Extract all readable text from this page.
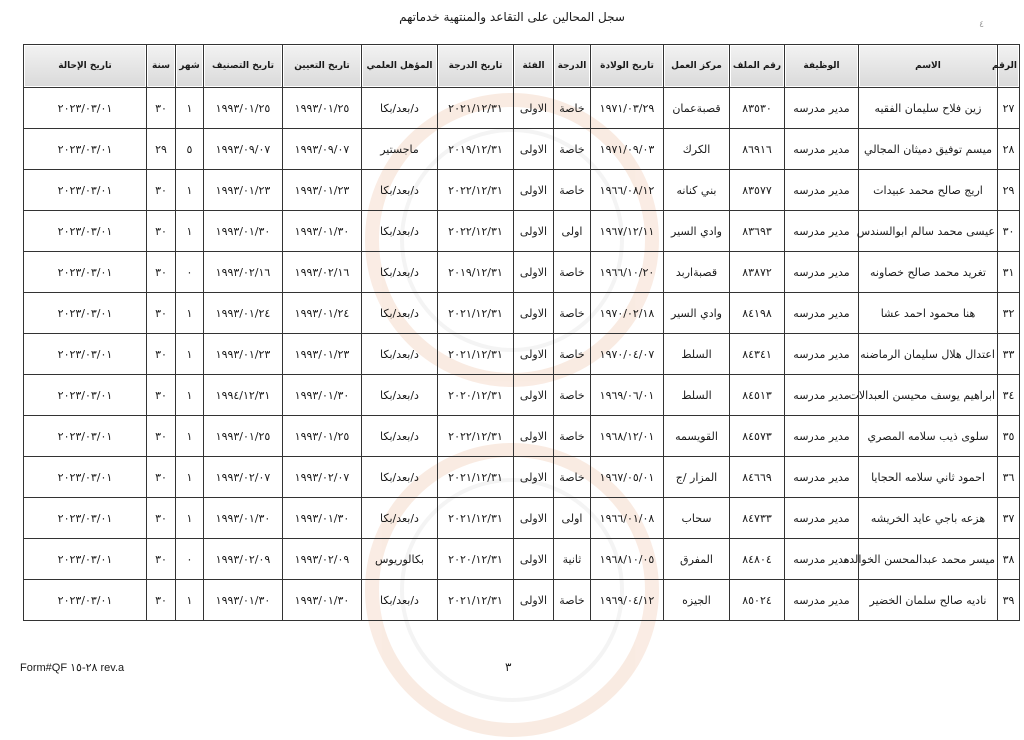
سجل المحالين على التقاعد والمنتهية خدماتهم
٤
الرقم	الاسم	الوظيفة	رقم الملف	مركز العمل	تاريخ الولادة	الدرجة	الفئة	تاريخ الدرجة	المؤهل العلمي	تاريخ التعيين	تاريخ التصنيف	شهر	سنة	تاريخ الإحالة
٢٧	زين فلاح سليمان الفقيه	مدير مدرسه	٨٣٥٣٠	قصبةعمان	١٩٧١/٠٣/٢٩	خاصة	الاولى	٢٠٢١/١٢/٣١	د/بعد/بكا	١٩٩٣/٠١/٢٥	١٩٩٣/٠١/٢٥	١	٣٠	٢٠٢٣/٠٣/٠١
٢٨	ميسم توفيق دميثان المجالي	مدير مدرسه	٨٦٩١٦	الكرك	١٩٧١/٠٩/٠٣	خاصة	الاولى	٢٠١٩/١٢/٣١	ماجستير	١٩٩٣/٠٩/٠٧	١٩٩٣/٠٩/٠٧	٥	٢٩	٢٠٢٣/٠٣/٠١
٢٩	اريج صالح محمد عبيدات	مدير مدرسه	٨٣٥٧٧	بني كنانه	١٩٦٦/٠٨/١٢	خاصة	الاولى	٢٠٢٢/١٢/٣١	د/بعد/بكا	١٩٩٣/٠١/٢٣	١٩٩٣/٠١/٢٣	١	٣٠	٢٠٢٣/٠٣/٠١
٣٠	عيسى محمد سالم ابوالسندس	مدير مدرسه	٨٣٦٩٣	وادي السير	١٩٦٧/١٢/١١	اولى	الاولى	٢٠٢٢/١٢/٣١	د/بعد/بكا	١٩٩٣/٠١/٣٠	١٩٩٣/٠١/٣٠	١	٣٠	٢٠٢٣/٠٣/٠١
٣١	تغريد محمد صالح خصاونه	مدير مدرسه	٨٣٨٧٢	قصبةاربد	١٩٦٦/١٠/٢٠	خاصة	الاولى	٢٠١٩/١٢/٣١	د/بعد/بكا	١٩٩٣/٠٢/١٦	١٩٩٣/٠٢/١٦	٠	٣٠	٢٠٢٣/٠٣/٠١
٣٢	هنا محمود احمد عشا	مدير مدرسه	٨٤١٩٨	وادي السير	١٩٧٠/٠٢/١٨	خاصة	الاولى	٢٠٢١/١٢/٣١	د/بعد/بكا	١٩٩٣/٠١/٢٤	١٩٩٣/٠١/٢٤	١	٣٠	٢٠٢٣/٠٣/٠١
٣٣	اعتدال هلال سليمان الرماضنه	مدير مدرسه	٨٤٣٤١	السلط	١٩٧٠/٠٤/٠٧	خاصة	الاولى	٢٠٢١/١٢/٣١	د/بعد/بكا	١٩٩٣/٠١/٢٣	١٩٩٣/٠١/٢٣	١	٣٠	٢٠٢٣/٠٣/٠١
٣٤	ابراهيم يوسف محيسن العبدالات	مدير مدرسه	٨٤٥١٣	السلط	١٩٦٩/٠٦/٠١	خاصة	الاولى	٢٠٢٠/١٢/٣١	د/بعد/بكا	١٩٩٣/٠١/٣٠	١٩٩٤/١٢/٣١	١	٣٠	٢٠٢٣/٠٣/٠١
٣٥	سلوى ذيب سلامه المصري	مدير مدرسه	٨٤٥٧٣	القويسمه	١٩٦٨/١٢/٠١	خاصة	الاولى	٢٠٢٢/١٢/٣١	د/بعد/بكا	١٩٩٣/٠١/٢٥	١٩٩٣/٠١/٢٥	١	٣٠	٢٠٢٣/٠٣/٠١
٣٦	احمود ثاني سلامه الحجايا	مدير مدرسه	٨٤٦٦٩	المزار /ج	١٩٦٧/٠٥/٠١	خاصة	الاولى	٢٠٢١/١٢/٣١	د/بعد/بكا	١٩٩٣/٠٢/٠٧	١٩٩٣/٠٢/٠٧	١	٣٠	٢٠٢٣/٠٣/٠١
٣٧	هزعه باجي عايد الخريشه	مدير مدرسه	٨٤٧٣٣	سحاب	١٩٦٦/٠١/٠٨	اولى	الاولى	٢٠٢١/١٢/٣١	د/بعد/بكا	١٩٩٣/٠١/٣٠	١٩٩٣/٠١/٣٠	١	٣٠	٢٠٢٣/٠٣/٠١
٣٨	ميسر محمد عبدالمحسن الخوالده	مدير مدرسه	٨٤٨٠٤	المفرق	١٩٦٨/١٠/٠٥	ثانية	الاولى	٢٠٢٠/١٢/٣١	بكالوريوس	١٩٩٣/٠٢/٠٩	١٩٩٣/٠٢/٠٩	٠	٣٠	٢٠٢٣/٠٣/٠١
٣٩	ناديه صالح سلمان الخضير	مدير مدرسه	٨٥٠٢٤	الجيزه	١٩٦٩/٠٤/١٢	خاصة	الاولى	٢٠٢١/١٢/٣١	د/بعد/بكا	١٩٩٣/٠١/٣٠	١٩٩٣/٠١/٣٠	١	٣٠	٢٠٢٣/٠٣/٠١
Form#QF ٢٨-١٥ rev.a	٣
